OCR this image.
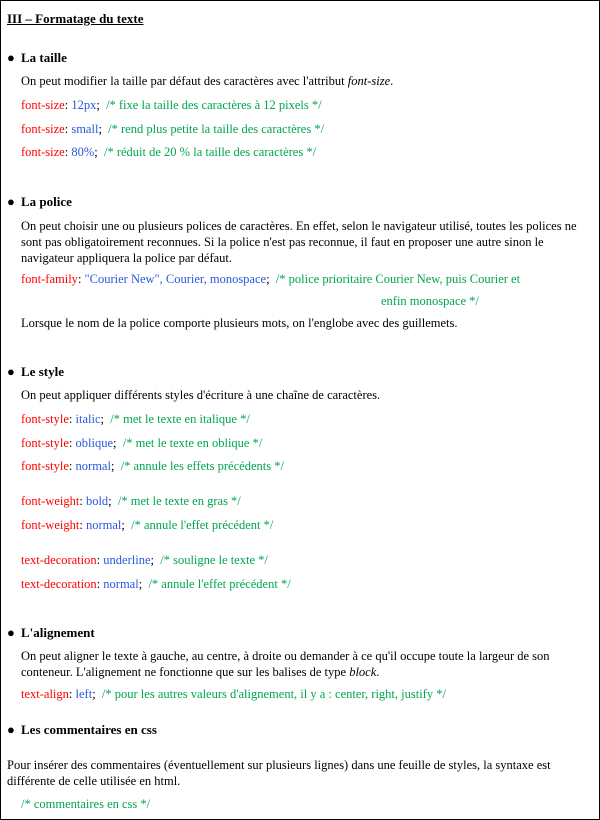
III – Formatage du texte
● La taille

On peut modifier la taille par défaut des caractères avec l'attribut font-size.

font-size: 12px;  /* fixe la taille des caractères à 12 pixels */
font-size: small;  /* rend plus petite la taille des caractères */
font-size: 80%;  /* réduit de 20 % la taille des caractères */
● La police

On peut choisir une ou plusieurs polices de caractères. En effet, selon le navigateur utilisé, toutes les polices ne sont pas obligatoirement reconnues. Si la police n'est pas reconnue, il faut en proposer une autre sinon le navigateur appliquera la police par défaut.

font-family: "Courier New", Courier, monospace;  /* police prioritaire Courier New, puis Courier et
enfin monospace */

Lorsque le nom de la police comporte plusieurs mots, on l'englobe avec des guillemets.

● Le style

On peut appliquer différents styles d'écriture à une chaîne de caractères.

font-style: italic;  /* met le texte en italique */
font-style: oblique;  /* met le texte en oblique */
font-style: normal;  /* annule les effets précédents */
font-weight: bold;  /* met le texte en gras */
font-weight: normal;  /* annule l'effet précédent */
text-decoration: underline;  /* souligne le texte */
text-decoration: normal;  /* annule l'effet précédent */
● L'alignement

On peut aligner le texte à gauche, au centre, à droite ou demander à ce qu'il occupe toute la largeur de son conteneur. L'alignement ne fonctionne que sur les balises de type block.

text-align: left;  /* pour les autres valeurs d'alignement, il y a : center, right, justify */
● Les commentaires en css

Pour insérer des commentaires (éventuellement sur plusieurs lignes) dans une feuille de styles, la syntaxe est différente de celle utilisée en html.

/* commentaires en css */
